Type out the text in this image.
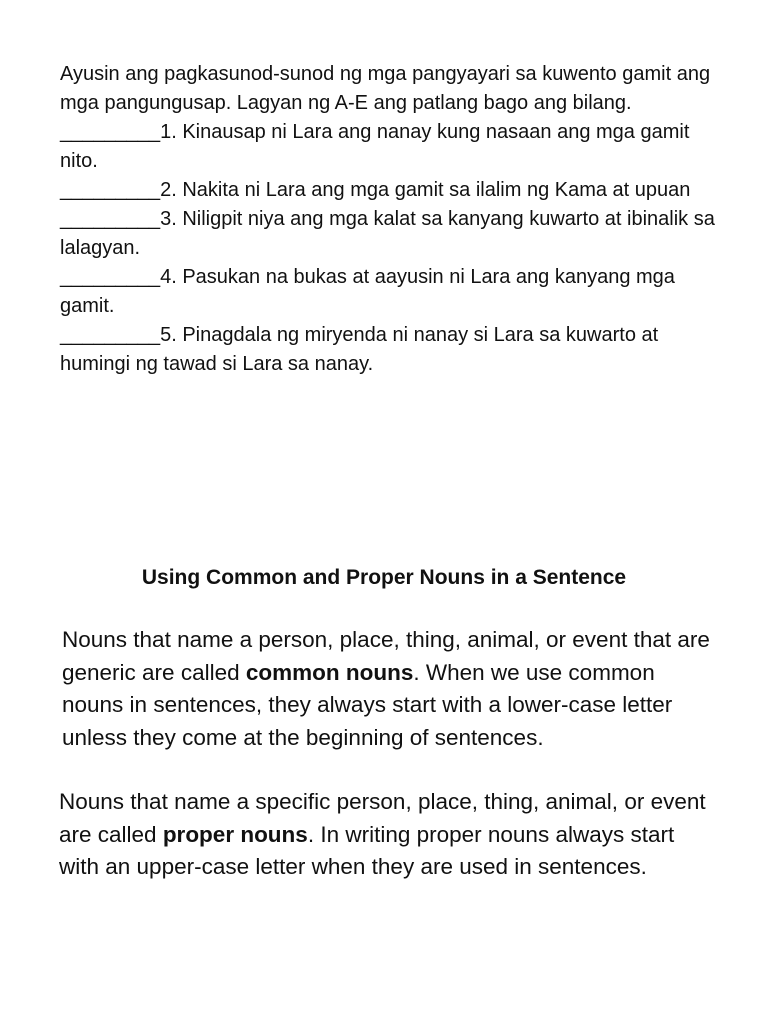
Ayusin ang pagkasunod-sunod ng mga pangyayari sa kuwento gamit ang mga pangungusap. Lagyan ng A-E ang patlang bago ang bilang.

_________1. Kinausap ni Lara ang nanay kung nasaan ang mga gamit nito.

_________2. Nakita ni Lara ang mga gamit sa ilalim ng Kama at upuan

_________3. Niligpit niya ang mga kalat sa kanyang kuwarto at ibinalik sa lalagyan.

_________4. Pasukan na bukas at aayusin ni Lara ang kanyang mga gamit.

_________5. Pinagdala ng miryenda ni nanay si Lara sa kuwarto at humingi ng tawad si Lara sa nanay.

Using Common and Proper Nouns in a Sentence

Nouns that name a person, place, thing, animal, or event that are generic are called common nouns. When we use common nouns in sentences, they always start with a lower-case letter unless they come at the beginning of sentences.

Nouns that name a specific person, place, thing, animal, or event are called proper nouns. In writing proper nouns always start with an upper-case letter when they are used in sentences.
